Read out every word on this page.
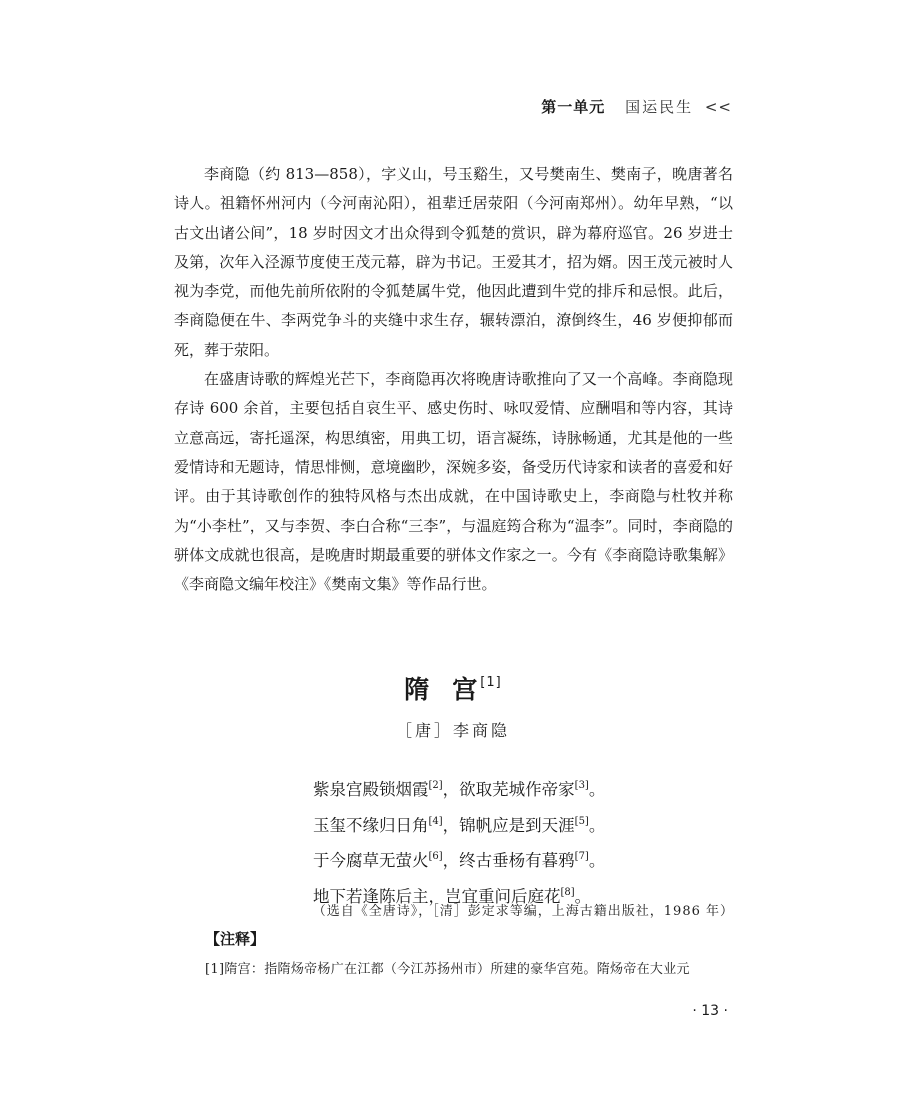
第一单元 国运民生 <<

李商隐（约 813—858），字义山，号玉谿生，又号樊南生、樊南子，晚唐著名诗人。祖籍怀州河内（今河南沁阳），祖辈迁居荥阳（今河南郑州）。幼年早熟，“以古文出诸公间”，18 岁时因文才出众得到令狐楚的赏识，辟为幕府巡官。26 岁进士及第，次年入泾源节度使王茂元幕，辟为书记。王爱其才，招为婿。因王茂元被时人视为李党，而他先前所依附的令狐楚属牛党，他因此遭到牛党的排斥和忌恨。此后，李商隐便在牛、李两党争斗的夹缝中求生存，辗转漂泊，潦倒终生，46 岁便抑郁而死，葬于荥阳。

在盛唐诗歌的辉煌光芒下，李商隐再次将晚唐诗歌推向了又一个高峰。李商隐现存诗 600 余首，主要包括自哀生平、感史伤时、咏叹爱情、应酬唱和等内容，其诗立意高远，寄托遥深，构思缜密，用典工切，语言凝练，诗脉畅通，尤其是他的一些爱情诗和无题诗，情思悱恻，意境幽眇，深婉多姿，备受历代诗家和读者的喜爱和好评。由于其诗歌创作的独特风格与杰出成就，在中国诗歌史上，李商隐与杜牧并称为“小李杜”，又与李贺、李白合称“三李”，与温庭筠合称为“温李”。同时，李商隐的骈体文成就也很高，是晚唐时期最重要的骈体文作家之一。今有《李商隐诗歌集解》《李商隐文编年校注》《樊南文集》等作品行世。

隋 宫 [1]
［唐］李商隐
紫泉宫殿锁烟霞[2]，欲取芜城作帝家[3]。
玉玺不缘归日角[4]，锦帆应是到天涯[5]。
于今腐草无萤火[6]，终古垂杨有暮鸦[7]。
地下若逢陈后主，岂宜重问后庭花[8]。
（选自《全唐诗》，［清］彭定求等编，上海古籍出版社，1986 年）
【注释】
[1]隋宫：指隋炀帝杨广在江都（今江苏扬州市）所建的豪华宫苑。隋炀帝在大业元
· 13 ·
